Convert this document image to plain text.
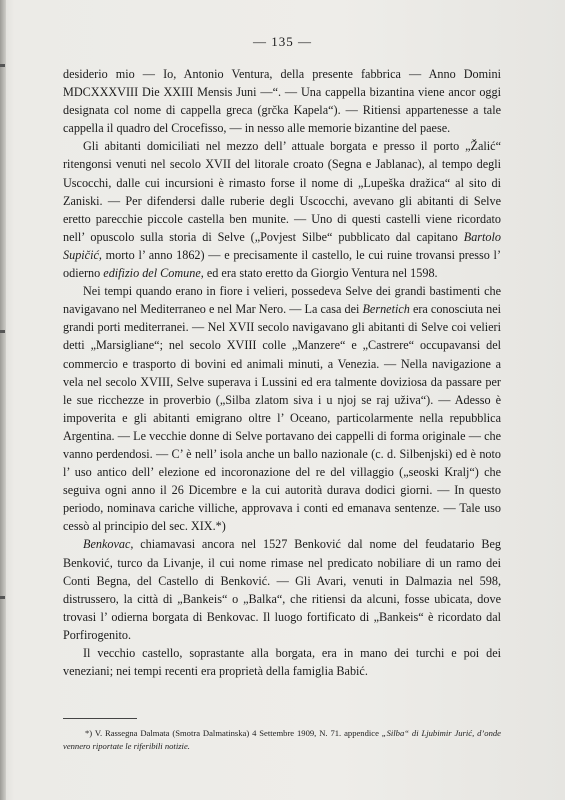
— 135 —

desiderio mio — Io, Antonio Ventura, della presente fabbrica — Anno Domini MDCXXXVIII Die XXIII Mensis Juni —“. — Una cappella bizantina viene ancor oggi designata col nome di cappella greca (grčka Kapela“). — Ritiensi appartenesse a tale cappella il quadro del Crocefisso, — in nesso alle memorie bizantine del paese.

Gli abitanti domiciliati nel mezzo dell’ attuale borgata e presso il porto „Žalić“ ritengonsi venuti nel secolo XVII del litorale croato (Segna e Jablanac), al tempo degli Uscocchi, dalle cui incursioni è rimasto forse il nome di „Lupeška dražica“ al sito di Zaniski. — Per difendersi dalle ruberie degli Uscocchi, avevano gli abitanti di Selve eretto parecchie piccole castella ben munite. — Uno di questi castelli viene ricordato nell’ opuscolo sulla storia di Selve („Povjest Silbe“ pubblicato dal capitano Bartolo Supičić, morto l’ anno 1862) — e precisamente il castello, le cui ruine trovansi presso l’ odierno edifizio del Comune, ed era stato eretto da Giorgio Ventura nel 1598.

Nei tempi quando erano in fiore i velieri, possedeva Selve dei grandi bastimenti che navigavano nel Mediterraneo e nel Mar Nero. — La casa dei Bernetich era conosciuta nei grandi porti mediterranei. — Nel XVII secolo navigavano gli abitanti di Selve coi velieri detti „Marsigliane“; nel secolo XVIII colle „Manzere“ e „Castrere“ occupavansi del commercio e trasporto di bovini ed animali minuti, a Venezia. — Nella navigazione a vela nel secolo XVIII, Selve superava i Lussini ed era talmente doviziosa da passare per le sue ricchezze in proverbio („Silba zlatom siva i u njoj se raj uživa“). — Adesso è impoverita e gli abitanti emigrano oltre l’ Oceano, particolarmente nella repubblica Argentina. — Le vecchie donne di Selve portavano dei cappelli di forma originale — che vanno perdendosi. — C’ è nell’ isola anche un ballo nazionale (c. d. Silbenjski) ed è noto l’ uso antico dell’ elezione ed incoronazione del re del villaggio („seoski Kralj“) che seguiva ogni anno il 26 Dicembre e la cui autorità durava dodici giorni. — In questo periodo, nominava cariche villiche, approvava i conti ed emanava sentenze. — Tale uso cessò al principio del sec. XIX.*)

Benkovac, chiamavasi ancora nel 1527 Benković dal nome del feudatario Beg Benković, turco da Livanje, il cui nome rimase nel predicato nobiliare di un ramo dei Conti Begna, del Castello di Benković. — Gli Avari, venuti in Dalmazia nel 598, distrussero, la città di „Bankeis“ o „Balka“, che ritiensi da alcuni, fosse ubicata, dove trovasi l’ odierna borgata di Benkovac. Il luogo fortificato di „Bankeis“ è ricordato dal Porfirogenito.

Il vecchio castello, soprastante alla borgata, era in mano dei turchi e poi dei veneziani; nei tempi recenti era proprietà della famiglia Babić.

*) V. Rassegna Dalmata (Smotra Dalmatinska) 4 Settembre 1909, N. 71. appendice „Silba“ di Ljubimir Jurić, d’onde vennero riportate le riferibili notizie.
